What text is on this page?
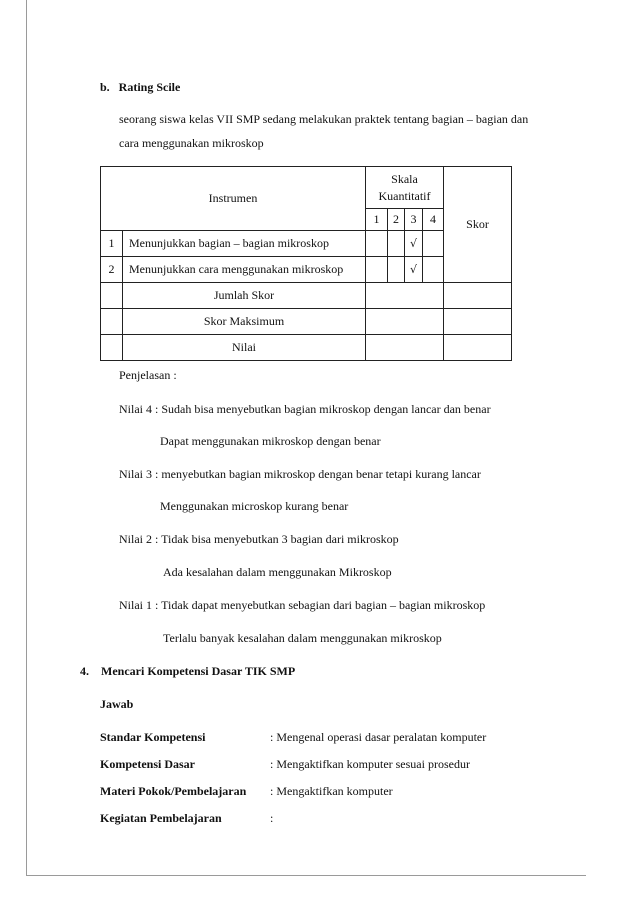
b.   Rating Scile
seorang siswa kelas VII SMP sedang melakukan praktek tentang bagian – bagian dan
cara menggunakan mikroskop
Instrumen		Skala
Kuantitatif				Skor
		1	2	3	4	
1	Menunjukkan bagian – bagian mikroskop			√		
2	Menunjukkan cara menggunakan mikroskop			√		
	Jumlah Skor					
	Skor Maksimum					
	Nilai					
Penjelasan :
Nilai 4 : Sudah bisa menyebutkan bagian mikroskop dengan lancar dan benar
Dapat menggunakan mikroskop dengan benar
Nilai 3 : menyebutkan bagian mikroskop dengan benar tetapi kurang lancar
Menggunakan microskop kurang benar
Nilai 2 : Tidak bisa menyebutkan 3 bagian dari mikroskop
Ada kesalahan dalam menggunakan Mikroskop
Nilai 1 : Tidak dapat menyebutkan sebagian dari bagian – bagian mikroskop
Terlalu banyak kesalahan dalam menggunakan mikroskop
4.    Mencari Kompetensi Dasar TIK SMP
Jawab
Standar Kompetensi	: Mengenal operasi dasar peralatan komputer
Kompetensi Dasar	: Mengaktifkan komputer sesuai prosedur
Materi Pokok/Pembelajaran : Mengaktifkan komputer
Kegiatan Pembelajaran	:
